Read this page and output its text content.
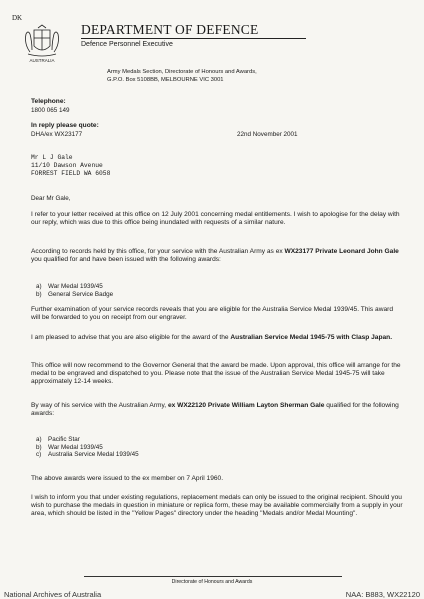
DK
AUSTRALIA
DEPARTMENT OF DEFENCE
Defence Personnel Executive
Army Medals Section, Directorate of Honours and Awards,
G.P.O. Box 5108BB, MELBOURNE VIC 3001
Telephone:
1800 065 149
In reply please quote:
DHA/ex WX23177	22nd November 2001
Mr L J Gale
11/10 Dawson Avenue
FORREST FIELD WA 6058
Dear Mr Gale,

I refer to your letter received at this office on 12 July 2001 concerning medal entitlements. I wish to apologise for the delay with our reply, which was due to this office being inundated with requests of a similar nature.

According to records held by this office, for your service with the Australian Army as ex WX23177 Private Leonard John Gale you qualified for and have been issued with the following awards:

a) War Medal 1939/45
b) General Service Badge

Further examination of your service records reveals that you are eligible for the Australia Service Medal 1939/45. This award will be forwarded to you on receipt from our engraver.

I am pleased to advise that you are also eligible for the award of the Australian Service Medal 1945-75 with Clasp Japan.

This office will now recommend to the Governor General that the award be made. Upon approval, this office will arrange for the medal to be engraved and dispatched to you. Please note that the issue of the Australian Service Medal 1945-75 will take approximately 12-14 weeks.

By way of his service with the Australian Army, ex WX22120 Private William Layton Sherman Gale qualified for the following awards:

a) Pacific Star
b) War Medal 1939/45
c) Australia Service Medal 1939/45

The above awards were issued to the ex member on 7 April 1960.

I wish to inform you that under existing regulations, replacement medals can only be issued to the original recipient. Should you wish to purchase the medals in question in miniature or replica form, these may be available commercially from a supply in your area, which should be listed in the "Yellow Pages" directory under the heading "Medals and/or Medal Mounting".

Directorate of Honours and Awards
National Archives of Australia	NAA: B883, WX22120
